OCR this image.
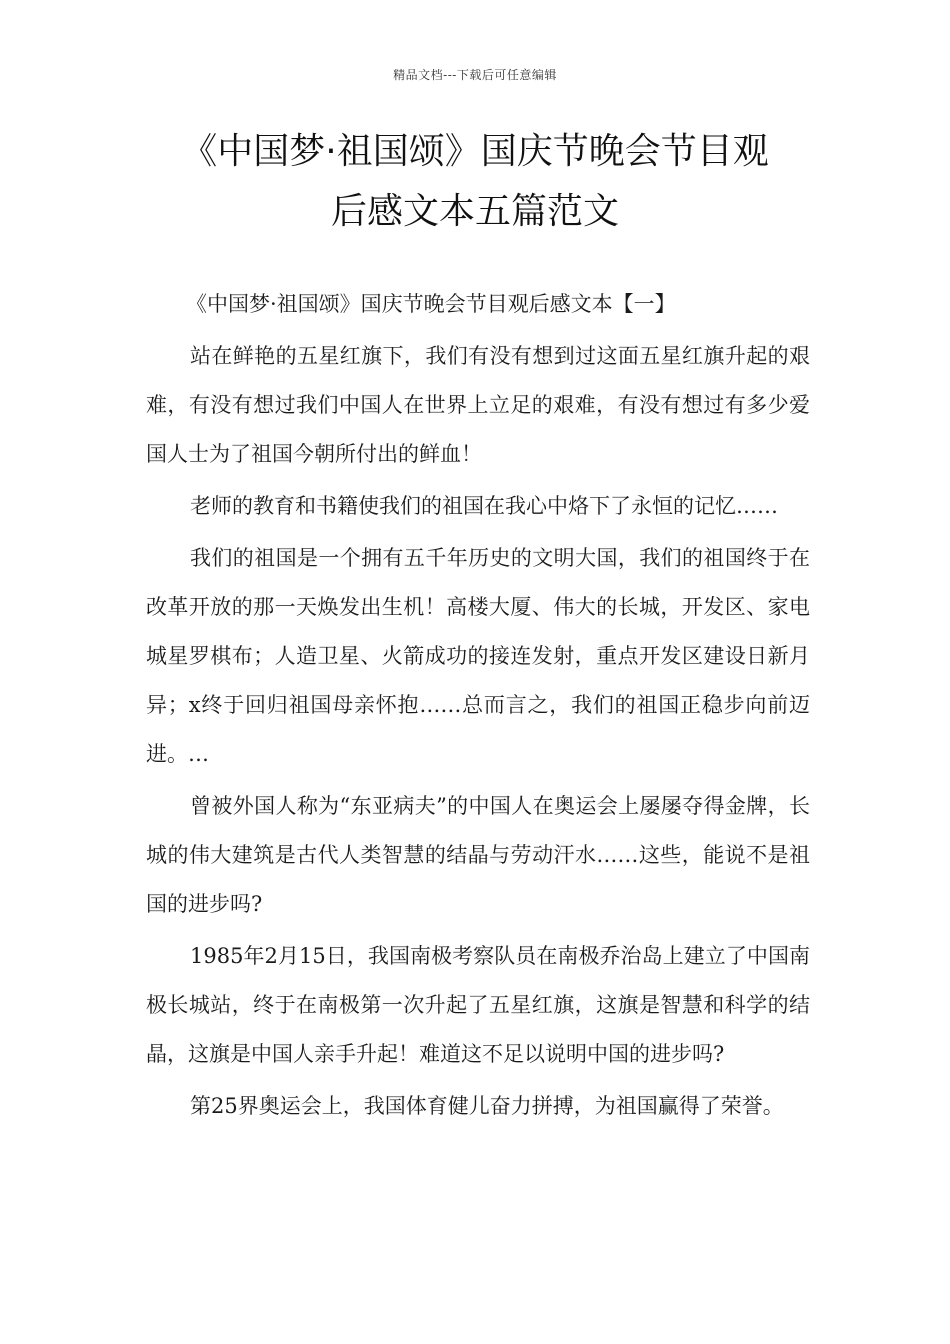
精品文档---下载后可任意编辑
《中国梦·祖国颂》国庆节晚会节目观
后感文本五篇范文

《中国梦·祖国颂》国庆节晚会节目观后感文本【一】

站在鲜艳的五星红旗下，我们有没有想到过这面五星红旗升起的艰难，有没有想过我们中国人在世界上立足的艰难，有没有想过有多少爱国人士为了祖国今朝所付出的鲜血！

老师的教育和书籍使我们的祖国在我心中烙下了永恒的记忆……

我们的祖国是一个拥有五千年历史的文明大国，我们的祖国终于在改革开放的那一天焕发出生机！高楼大厦、伟大的长城，开发区、家电城星罗棋布；人造卫星、火箭成功的接连发射，重点开发区建设日新月异；x终于回归祖国母亲怀抱……总而言之，我们的祖国正稳步向前迈进。…

曾被外国人称为“东亚病夫”的中国人在奥运会上屡屡夺得金牌，长城的伟大建筑是古代人类智慧的结晶与劳动汗水……这些，能说不是祖国的进步吗?

1985年2月15日，我国南极考察队员在南极乔治岛上建立了中国南极长城站，终于在南极第一次升起了五星红旗，这旗是智慧和科学的结晶，这旗是中国人亲手升起！难道这不足以说明中国的进步吗?

第25界奥运会上，我国体育健儿奋力拼搏，为祖国赢得了荣誉。
